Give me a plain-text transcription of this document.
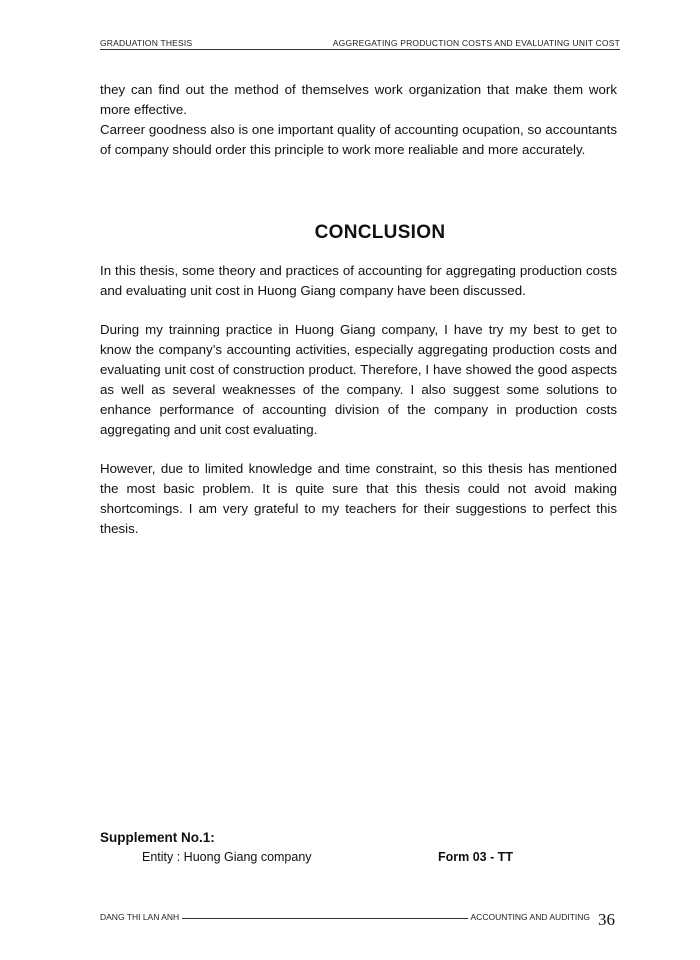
GRADUATION THESIS	AGGREGATING PRODUCTION COSTS AND EVALUATING UNIT COST

they can find out the method of themselves work organization that make them work more effective.

Carreer goodness also is one important quality of accounting ocupation, so accountants of company should order this principle to work more realiable and more accurately.

CONCLUSION
In this thesis, some theory and practices of accounting for aggregating production costs and evaluating unit cost in Huong Giang company have been discussed.
During my trainning practice in Huong Giang company, I have try my best to get to know the company’s accounting activities, especially aggregating production costs and evaluating unit cost of construction product. Therefore, I have showed the good aspects as well as several weaknesses of the company. I also suggest some solutions to enhance performance of accounting division of the company in production costs aggregating and unit cost evaluating.
However, due to limited knowledge and time constraint, so this thesis has mentioned the most basic problem. It is quite sure that this thesis could not avoid making shortcomings. I am very grateful to my teachers for their suggestions to perfect this thesis.
Supplement No.1:
Entity : Huong Giang company	Form 03 - TT
DANG THI LAN ANH	ACCOUNTING AND AUDITING 36
